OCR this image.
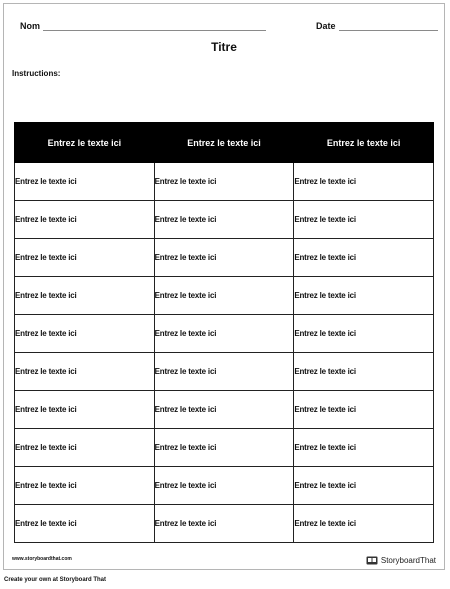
Nom	Date
Titre
Instructions:
Entrez le texte ici	Entrez le texte ici	Entrez le texte ici
Entrez le texte ici	Entrez le texte ici	Entrez le texte ici
Entrez le texte ici	Entrez le texte ici	Entrez le texte ici
Entrez le texte ici	Entrez le texte ici	Entrez le texte ici
Entrez le texte ici	Entrez le texte ici	Entrez le texte ici
Entrez le texte ici	Entrez le texte ici	Entrez le texte ici
Entrez le texte ici	Entrez le texte ici	Entrez le texte ici
Entrez le texte ici	Entrez le texte ici	Entrez le texte ici
Entrez le texte ici	Entrez le texte ici	Entrez le texte ici
Entrez le texte ici	Entrez le texte ici	Entrez le texte ici
Entrez le texte ici	Entrez le texte ici	Entrez le texte ici
www.storyboardthat.com	StoryboardThat
Create your own at Storyboard That
